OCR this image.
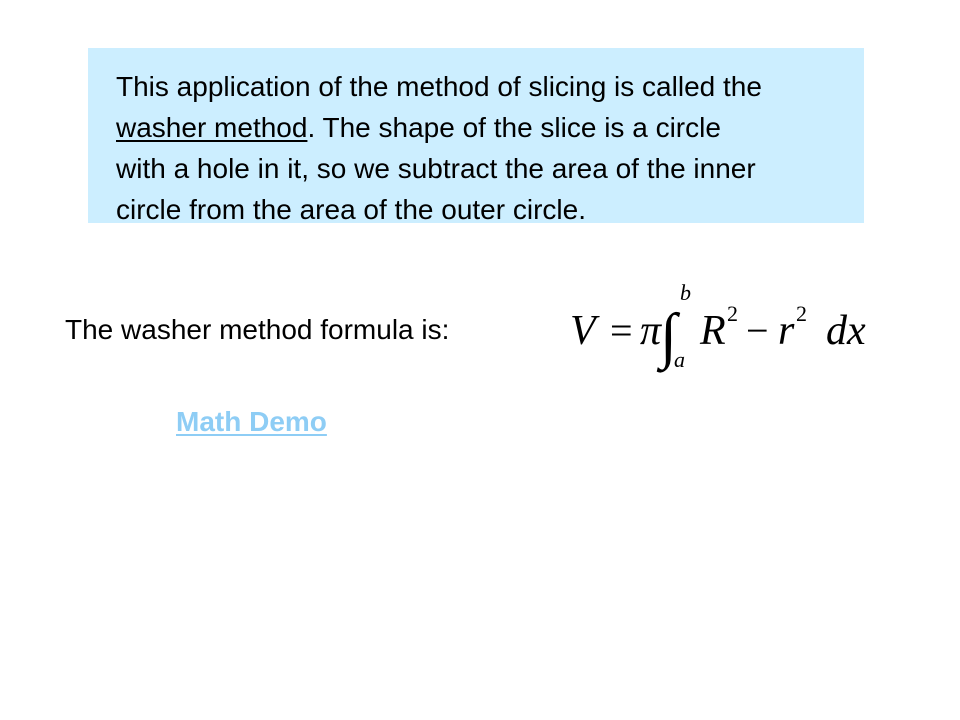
This application of the method of slicing is called the
washer method. The shape of the slice is a circle
with a hole in it, so we subtract the area of the inner
circle from the area of the outer circle.

The washer method formula is:	V = π
∫
b
a
R 2 − r 2 dx
Math Demo
